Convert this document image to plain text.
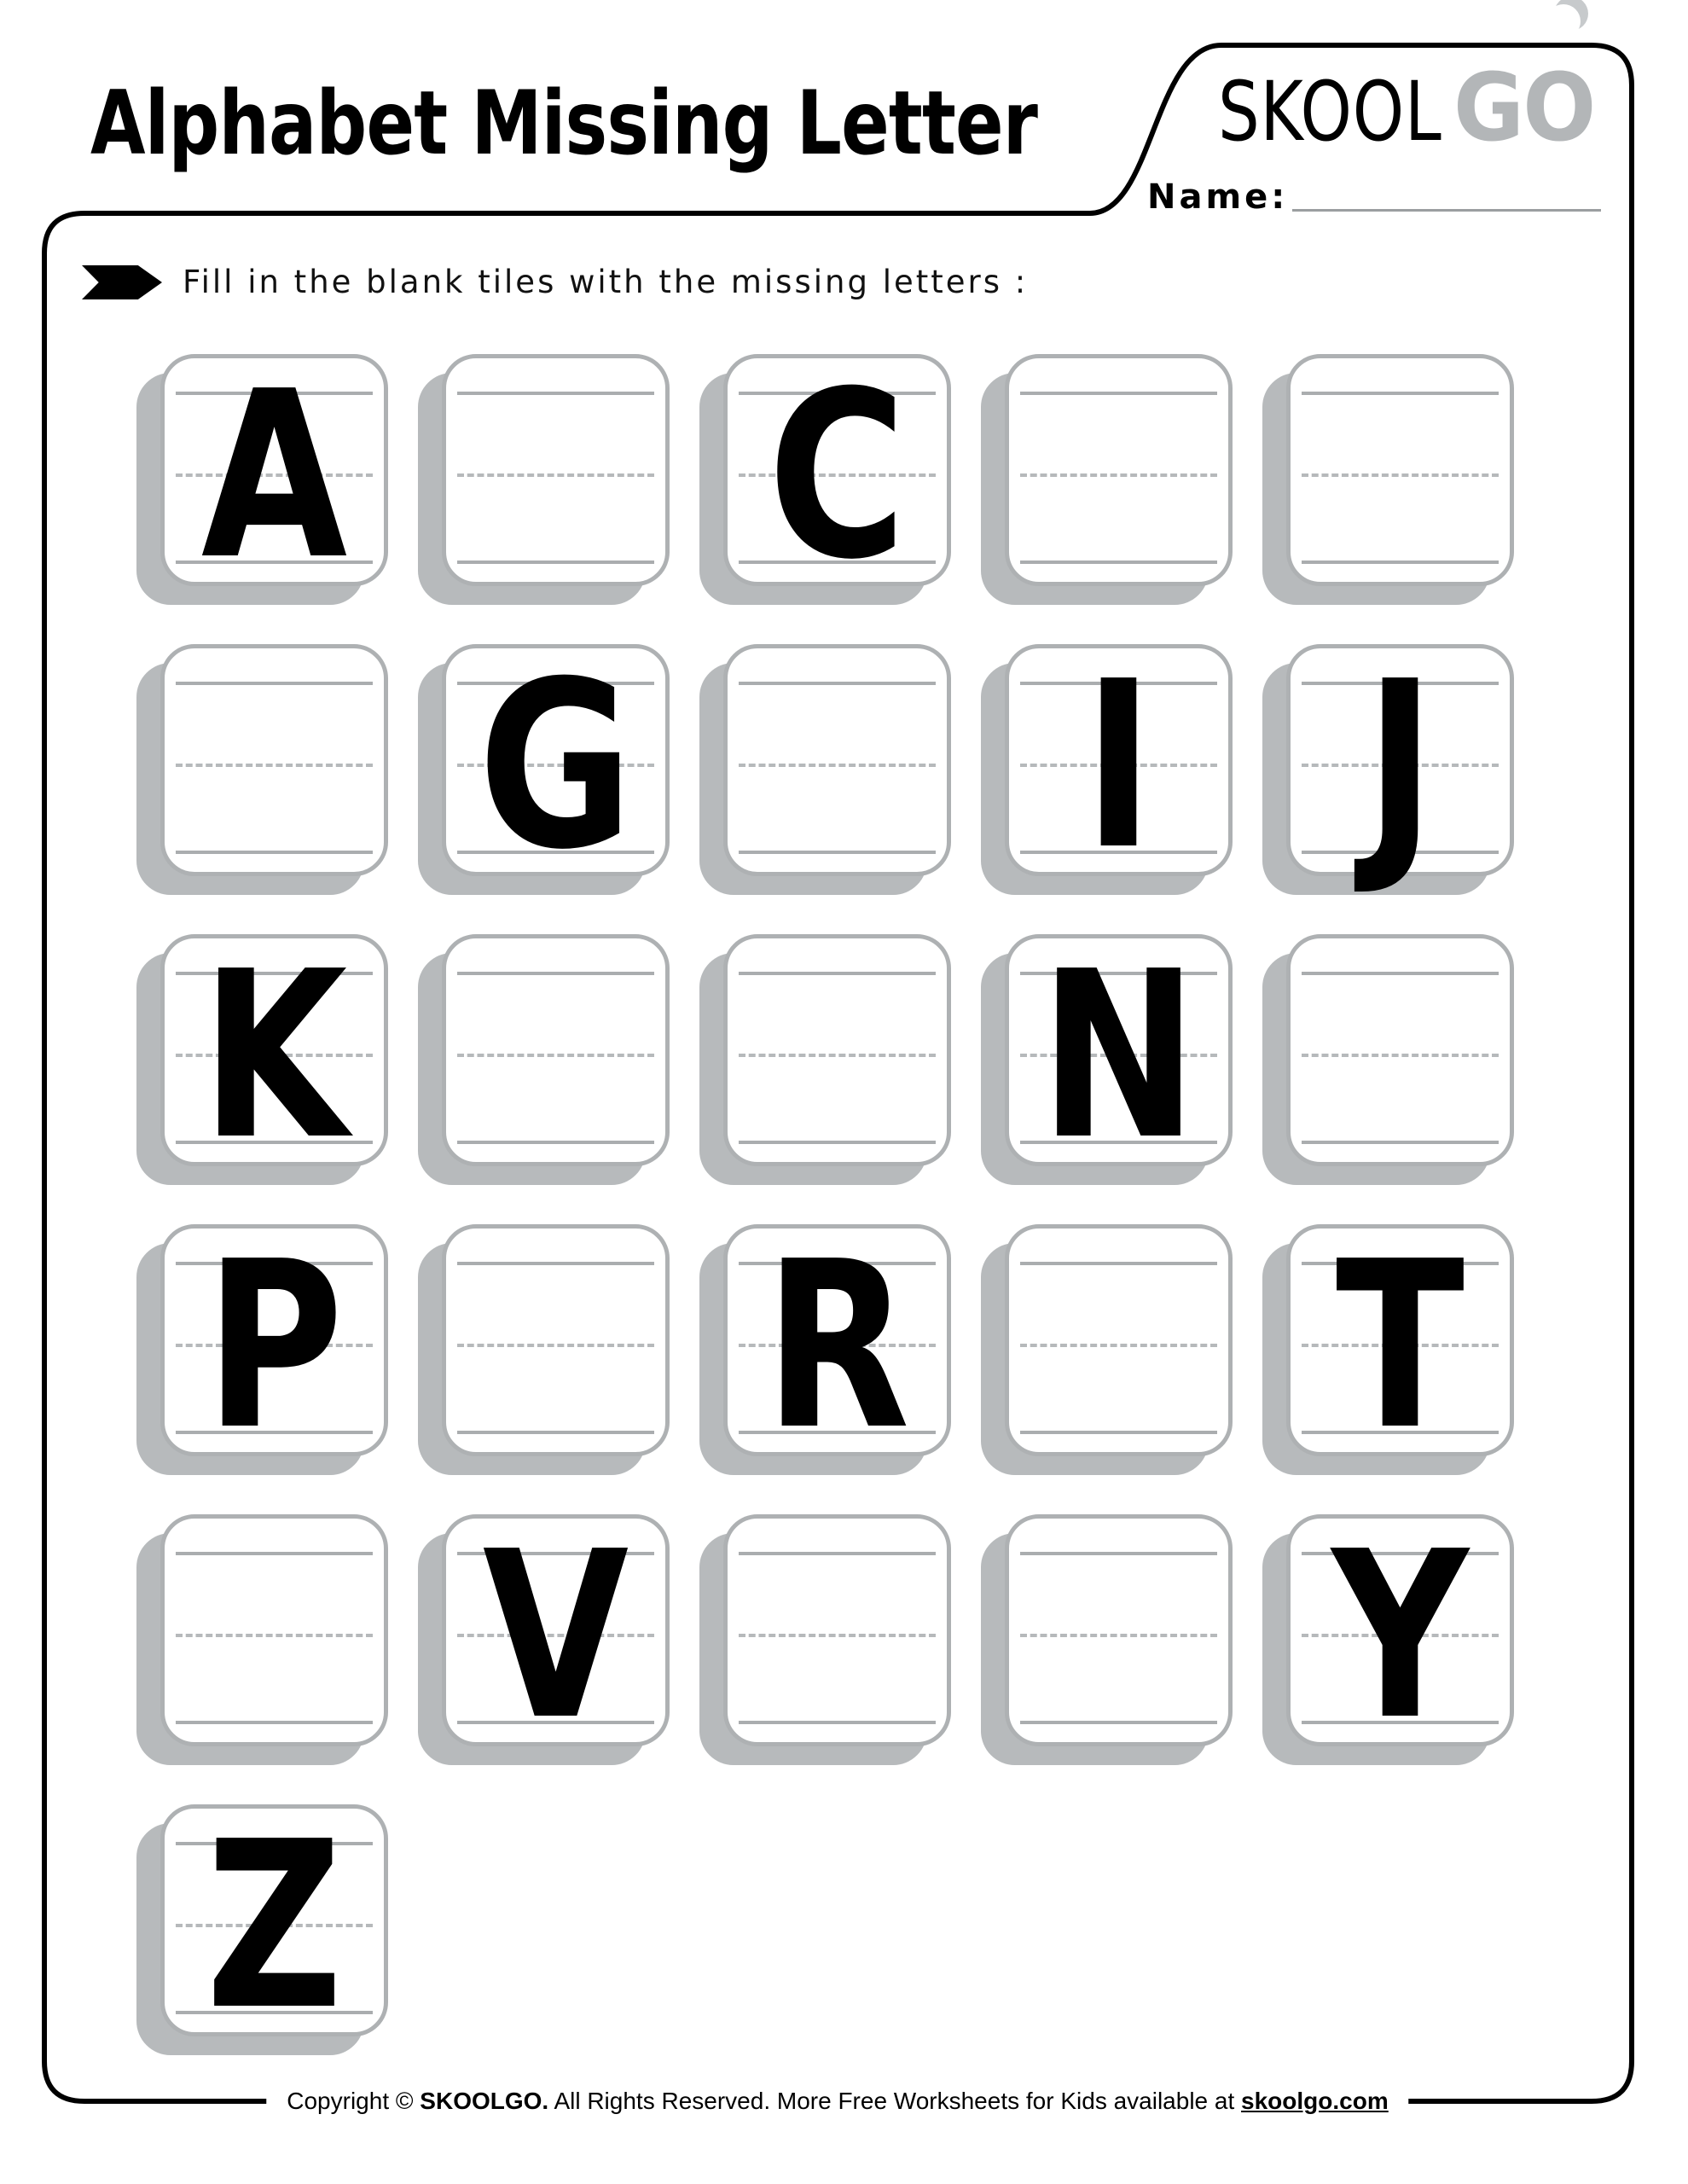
Alphabet Missing Letter SKOOL GO
Name:
Fill in the blank tiles with the missing letters :
A C
G I J
K	N
P R T
V	Y
Z
Copyright © SKOOLGO. All Rights Reserved. More Free Worksheets for Kids available at skoolgo.com
